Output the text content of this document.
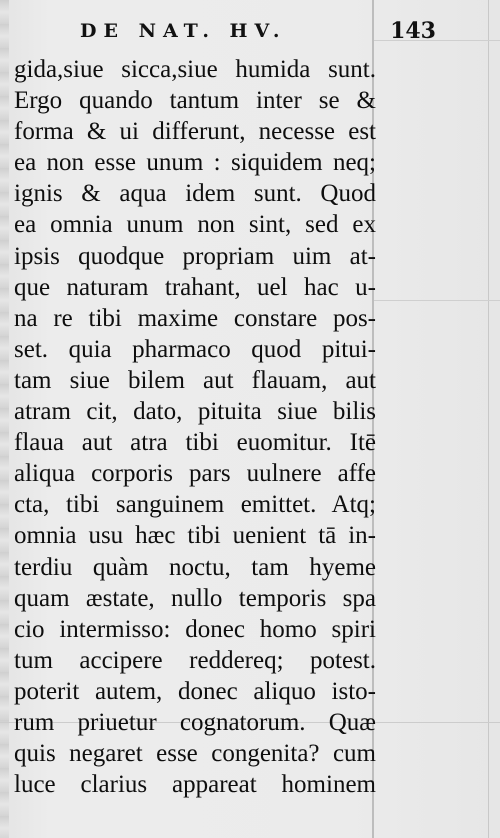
DE NAT. HV.	143
gida,siue sicca,siue humida sunt.
Ergo quando tantum inter se &
forma & ui differunt, necesse est
ea non esse unum : siquidem neq;
ignis & aqua idem sunt. Quod
ea omnia unum non sint, sed ex
ipsis quodque propriam uim at-
que naturam trahant, uel hac u-
na re tibi maxime constare pos-
set. quia pharmaco quod pitui-
tam siue bilem aut flauam, aut
atram cit, dato, pituita siue bilis
flaua aut atra tibi euomitur. Itē
aliqua corporis pars uulnere affe
cta, tibi sanguinem emittet. Atq;
omnia usu hæc tibi uenient tā in-
terdiu quàm noctu, tam hyeme
quam æstate, nullo temporis spa
cio intermisso: donec homo spiri
tum accipere reddereq; potest.
poterit autem, donec aliquo isto-
rum priuetur cognatorum. Quæ
quis negaret esse congenita? cum
luce clarius appareat hominem
